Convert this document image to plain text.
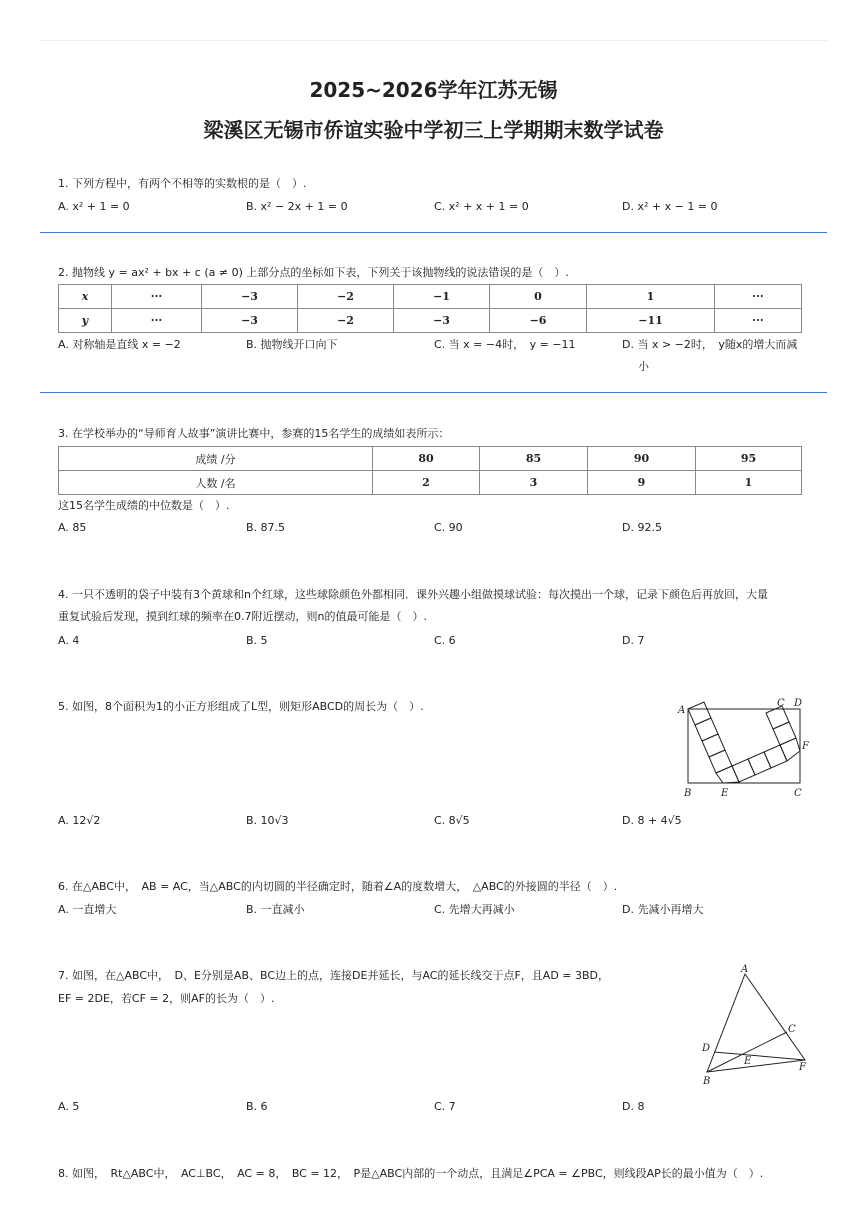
2025~2026学年江苏无锡
梁溪区无锡市侨谊实验中学初三上学期期末数学试卷
1. 下列方程中，有两个不相等的实数根的是（　）.
A. x² + 1 = 0	B. x² − 2x + 1 = 0	C. x² + x + 1 = 0	D. x² + x − 1 = 0
2. 抛物线 y = ax² + bx + c (a ≠ 0) 上部分点的坐标如下表，下列关于该抛物线的说法错误的是（　）.
x	···	−3	−2	−1	0	1	···
y	···	−3	−2	−3	−6	−11	···
A. 对称轴是直线 x = −2	B. 抛物线开口向下	C. 当 x = −4时，　y = −11	D. 当 x > −2时，　y随x的增大而减
小
3. 在学校举办的“导师育人故事”演讲比赛中，参赛的15名学生的成绩如表所示：
成绩 /分	80	85	90	95
人数 /名	2	3	9	1
这15名学生成绩的中位数是（　）.
A. 85	B. 87.5	C. 90	D. 92.5
4. 一只不透明的袋子中装有3个黄球和n个红球，这些球除颜色外都相同．课外兴趣小组做摸球试验：每次摸出一个球，记录下颜色后再放回，大量
重复试验后发现，摸到红球的频率在0.7附近摆动，则n的值最可能是（　）.
A. 4	B. 5	C. 6	D. 7
5. 如图，8个面积为1的小正方形组成了L型，则矩形ABCD的周长为（　）.	A
B
C D
F
E	C
A. 12√2	B. 10√3	C. 8√5	D. 8 + 4√5
6. 在△ABC中，　AB = AC，当△ABC的内切圆的半径确定时，随着∠A的度数增大，　△ABC的外接圆的半径（　）.
A. 一直增大	B. 一直减小	C. 先增大再减小	D. 先减小再增大
7. 如图，在△ABC中，　D、E分别是AB、BC边上的点，连接DE并延长，与AC的延长线交于点F，且AD = 3BD，
EF = 2DE，若CF = 2，则AF的长为（　）.
A
B
C
D
E
F
A. 5	B. 6	C. 7	D. 8
8. 如图，　Rt△ABC中，　AC⊥BC，　AC = 8，　BC = 12，　P是△ABC内部的一个动点，且满足∠PCA = ∠PBC，则线段AP长的最小值为（　）.
